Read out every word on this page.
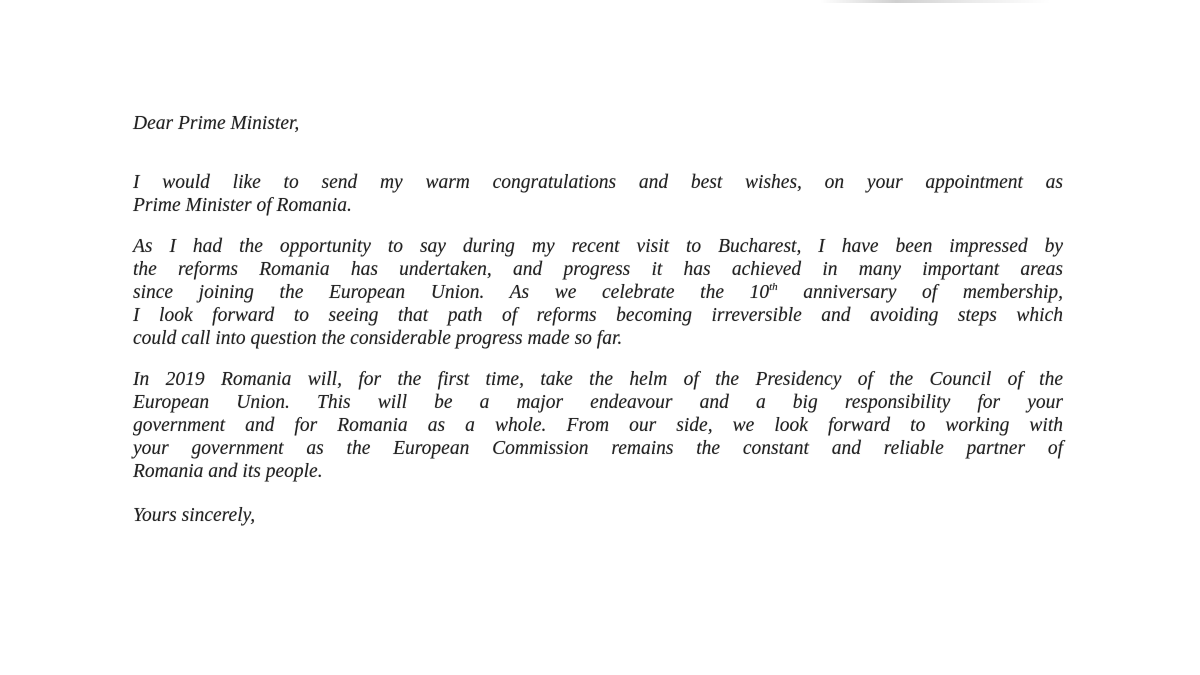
Dear Prime Minister,

I would like to send my warm congratulations and best wishes, on your appointment as
Prime Minister of Romania.

As I had the opportunity to say during my recent visit to Bucharest, I have been impressed by
the reforms Romania has undertaken, and progress it has achieved in many important areas
since joining the European Union. As we celebrate the 10th anniversary of membership,
I look forward to seeing that path of reforms becoming irreversible and avoiding steps which
could call into question the considerable progress made so far.

In 2019 Romania will, for the first time, take the helm of the Presidency of the Council of the
European Union. This will be a major endeavour and a big responsibility for your
government and for Romania as a whole. From our side, we look forward to working with
your government as the European Commission remains the constant and reliable partner of
Romania and its people.

Yours sincerely,
